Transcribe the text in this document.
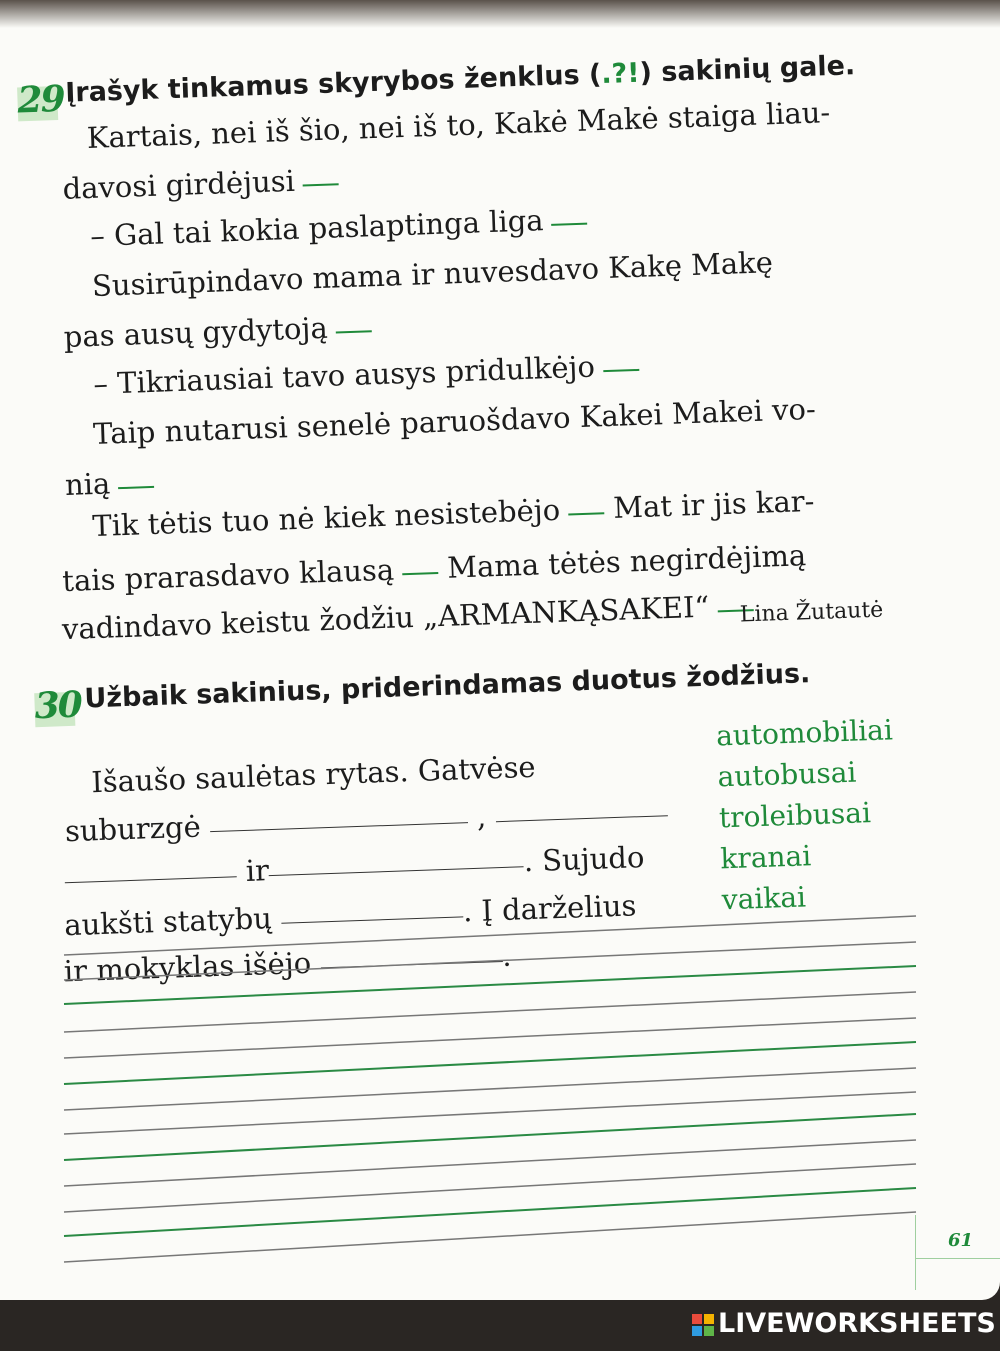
29 Įrašyk tinkamus skyrybos ženklus (.?!) sakinių gale.
Kartais, nei iš šio, nei iš to, Kakė Makė staiga liau-
davosi girdėjusi
– Gal tai kokia paslaptinga liga
Susirūpindavo mama ir nuvesdavo Kakę Makę
pas ausų gydytoją
– Tikriausiai tavo ausys pridulkėjo
Taip nutarusi senelė paruošdavo Kakei Makei vo-
nią
Tik tėtis tuo nė kiek nesistebėjo Mat ir jis kar-
tais prarasdavo klausą Mama tėtės negirdėjimą
vadindavo keistu žodžiu „ARMANKĄSAKEI“	Lina Žutautė
30 Užbaik sakinius, priderindamas duotus žodžius.
Išaušo saulėtas rytas. Gatvėse
suburzgė	,
ir	. Sujudo
aukšti statybų	. Į darželius
ir mokyklas išėjo	.
automobiliai
autobusai
troleibusai
kranai
vaikai
61
LIVEWORKSHEETS
